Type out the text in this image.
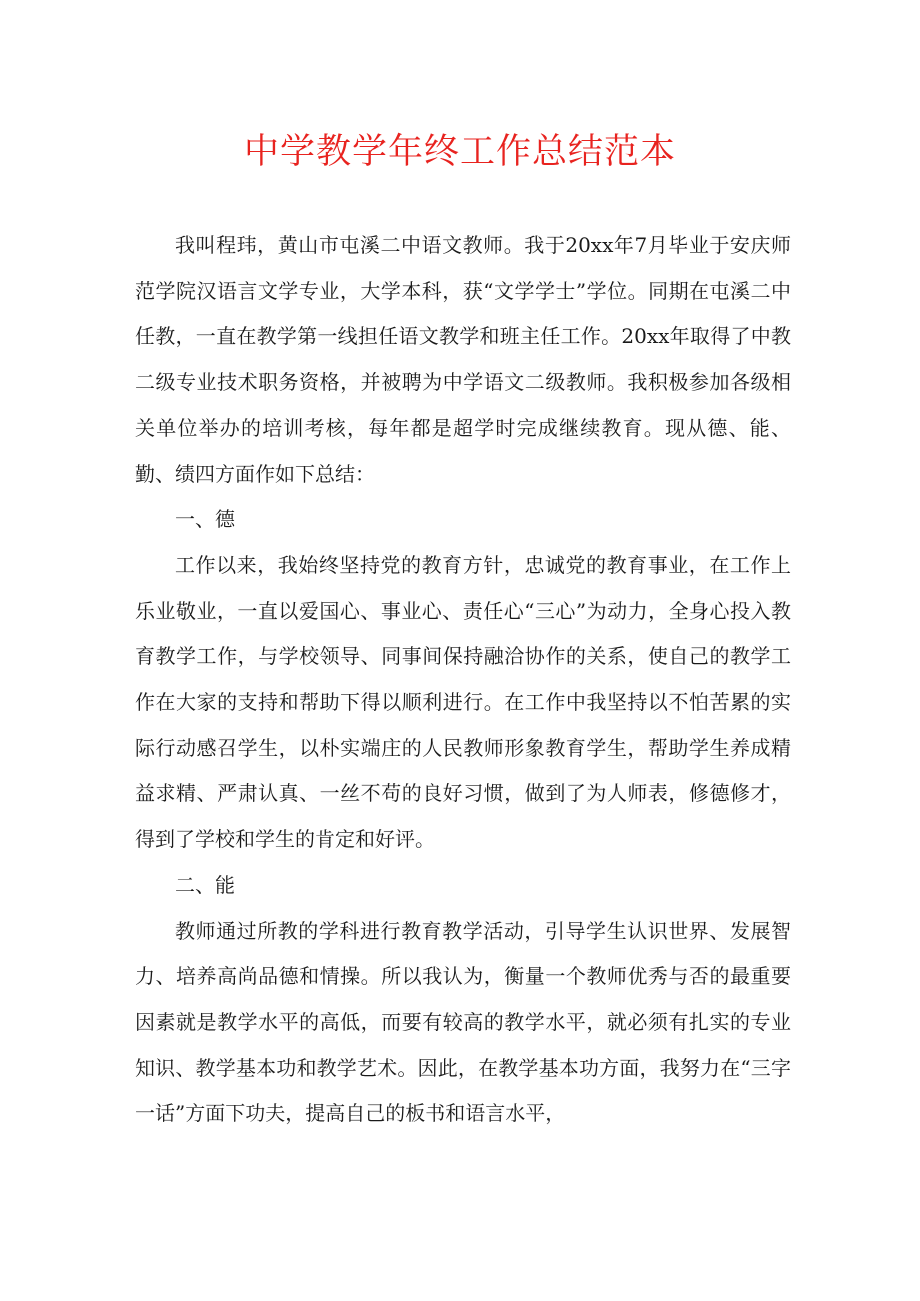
中学教学年终工作总结范本

我叫程玮，黄山市屯溪二中语文教师。我于20xx年7月毕业于安庆师范学院汉语言文学专业，大学本科，获“文学学士”学位。同期在屯溪二中任教，一直在教学第一线担任语文教学和班主任工作。20xx年取得了中教二级专业技术职务资格，并被聘为中学语文二级教师。我积极参加各级相关单位举办的培训考核，每年都是超学时完成继续教育。现从德、能、勤、绩四方面作如下总结：

一、德

工作以来，我始终坚持党的教育方针，忠诚党的教育事业，在工作上乐业敬业，一直以爱国心、事业心、责任心“三心”为动力，全身心投入教育教学工作，与学校领导、同事间保持融洽协作的关系，使自己的教学工作在大家的支持和帮助下得以顺利进行。在工作中我坚持以不怕苦累的实际行动感召学生，以朴实端庄的人民教师形象教育学生，帮助学生养成精益求精、严肃认真、一丝不苟的良好习惯，做到了为人师表，修德修才，得到了学校和学生的肯定和好评。

二、能

教师通过所教的学科进行教育教学活动，引导学生认识世界、发展智力、培养高尚品德和情操。所以我认为，衡量一个教师优秀与否的最重要因素就是教学水平的高低，而要有较高的教学水平，就必须有扎实的专业知识、教学基本功和教学艺术。因此，在教学基本功方面，我努力在“三字一话”方面下功夫，提高自己的板书和语言水平，
